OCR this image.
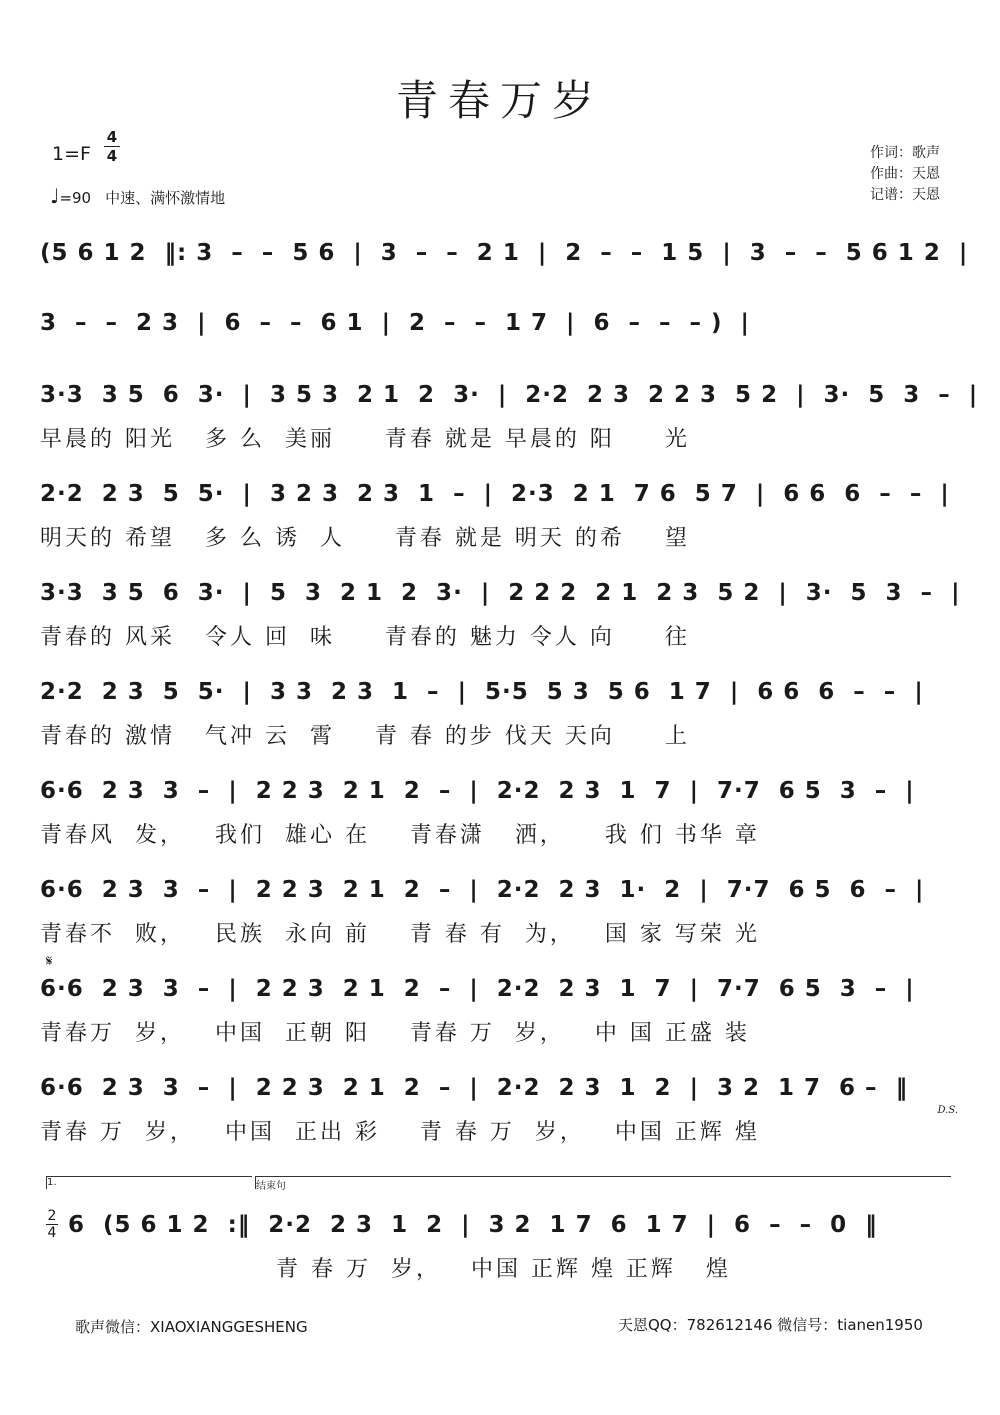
青春万岁
1=F
4
4
♩=90 中速、满怀激情地
作词：歌声
作曲：天恩
记谱：天恩
(5 6 1 2  ‖: 3  –  –  5 6  |  3  –  –  2 1  |  2  –  –  1 5  |  3  –  –  5 6 1 2  |
3  –  –  2 3  |  6  –  –  6 1  |  2  –  –  1 7  |  6  –  –  – )  |
3·3  3 5  6  3·  |  3 5 3  2 1  2  3·  |  2·2  2 3  2 2 3  5 2  |  3·  5  3  –  |
早晨的 阳光   多 么  美丽     青春 就是 早晨的 阳     光
2·2  2 3  5  5·  |  3 2 3  2 3  1  –  |  2·3  2 1  7 6  5 7  |  6 6  6  –  –  |
明天的 希望   多 么 诱  人     青春 就是 明天 的希    望
3·3  3 5  6  3·  |  5  3  2 1  2  3·  |  2 2 2  2 1  2 3  5 2  |  3·  5  3  –  |
青春的 风采   令人 回  味     青春的 魅力 令人 向     往
2·2  2 3  5  5·  |  3 3  2 3  1  –  |  5·5  5 3  5 6  1 7  |  6 6  6  –  –  |
青春的 激情   气冲 云  霄    青 春 的步 伐天 天向     上
6·6  2 3  3  –  |  2 2 3  2 1  2  –  |  2·2  2 3  1  7  |  7·7  6 5  3  –  |
青春风  发，   我们  雄心 在    青春潇   洒，    我 们 书华 章
6·6  2 3  3  –  |  2 2 3  2 1  2  –  |  2·2  2 3  1·  2  |  7·7  6 5  6  –  |
青春不  败，   民族  永向 前    青 春 有  为，   国 家 写荣 光
𝄋
6·6  2 3  3  –  |  2 2 3  2 1  2  –  |  2·2  2 3  1  7  |  7·7  6 5  3  –  |
青春万  岁，   中国  正朝 阳    青春 万  岁，   中 国 正盛 装
6·6  2 3  3  –  |  2 2 3  2 1  2  –  |  2·2  2 3  1  2  |  3 2  1 7  6 –  ‖
青春 万  岁，   中国  正出 彩    青 春 万  岁，   中国 正辉 煌
D.S.
1.	结束句
2
4 6  (5 6 1 2  :‖  2·2  2 3  1  2  |  3 2  1 7  6  1 7  |  6  –  –  0  ‖
青 春 万  岁，   中国 正辉 煌 正辉   煌
歌声微信：XIAOXIANGGESHENG	天恩QQ：782612146 微信号：tianen1950
